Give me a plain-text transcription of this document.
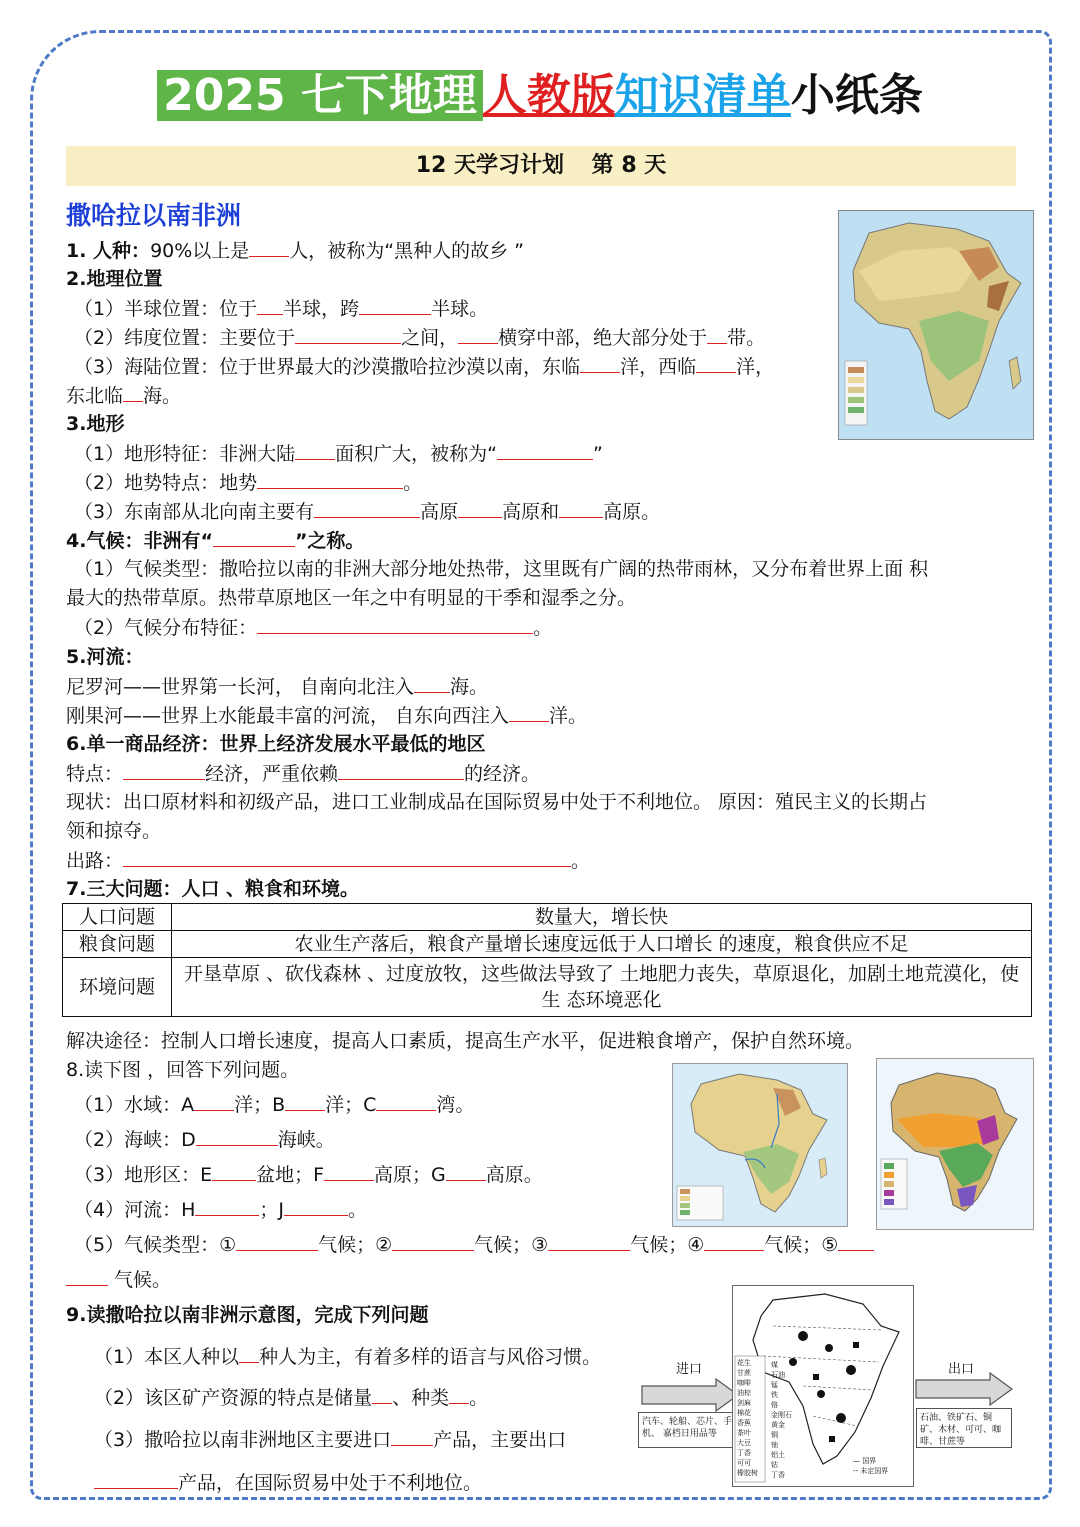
2025 七下地理 人教版知识清单小纸条
12 天学习计划 第 8 天
撒哈拉以南非洲
1. 人种：90%以上是 人，被称为“黑种人的故乡 ”
2.地理位置
（1）半球位置：位于 半球，跨	半球。
（2）纬度位置：主要位于	之间， 横穿中部，绝大部分处于 带。
（3）海陆位置：位于世界最大的沙漠撒哈拉沙漠以南，东临 洋，西临 洋，
东北临 海。
3.地形
（1）地形特征：非洲大陆 面积广大，被称为“	”
（2）地势特点：地势	。
（3）东南部从北向南主要有	高原 高原和 高原。
4.气候：非洲有“	”之称。
（1）气候类型：撒哈拉以南的非洲大部分地处热带，这里既有广阔的热带雨林，又分布着世界上面 积
最大的热带草原。热带草原地区一年之中有明显的干季和湿季之分。
（2）气候分布特征：	。
5.河流：
尼罗河——世界第一长河， 自南向北注入 海。
刚果河——世界上水能最丰富的河流， 自东向西注入 洋。
6.单一商品经济：世界上经济发展水平最低的地区
特点：	经济，严重依赖	的经济。
现状：出口原材料和初级产品，进口工业制成品在国际贸易中处于不利地位。 原因：殖民主义的长期占
领和掠夺。
出路：	。
7.三大问题：人口 、粮食和环境。
人口问题	数量大，增长快
粮食问题	农业生产落后，粮食产量增长速度远低于人口增长 的速度，粮食供应不足
环境问题	开垦草原 、砍伐森林 、过度放牧，这些做法导致了 土地肥力丧失，草原退化，加剧土地荒漠化，使生 态环境恶化
解决途径：控制人口增长速度，提高人口素质，提高生产水平，促进粮食增产，保护自然环境。
8.读下图 ，回答下列问题。
（1）水域：A 洋；B 洋；C	湾。
（2）海峡：D	海峡。
（3）地形区：E 盆地；F	高原；G 高原。
（4）河流：H	；J	。
（5）气候类型：①	气候；②	气候；③	气候；④	气候；⑤
气候。
9.读撒哈拉以南非洲示意图，完成下列问题
（1）本区人种以 种人为主，有着多样的语言与风俗习惯。
（2）该区矿产资源的特点是储量 、种类 。
（3）撒哈拉以南非洲地区主要进口 产品，主要出口
产品，在国际贸易中处于不利地位。
进口
汽车、轮船、芯片、手机、 嘉档日用品等
花生
甘蔗
咖啡
油棕
剑麻
棉花
香蕉
茶叶
大豆
丁香
可可
橡胶树
煤
石油
锰
铁
铬
金刚石
黄金
铜
铀
铝土
钴
丁香
— 国界
-- 未定国界
出口
石油、铁矿石、铜矿、木材、可可、咖啡、甘蔗等
